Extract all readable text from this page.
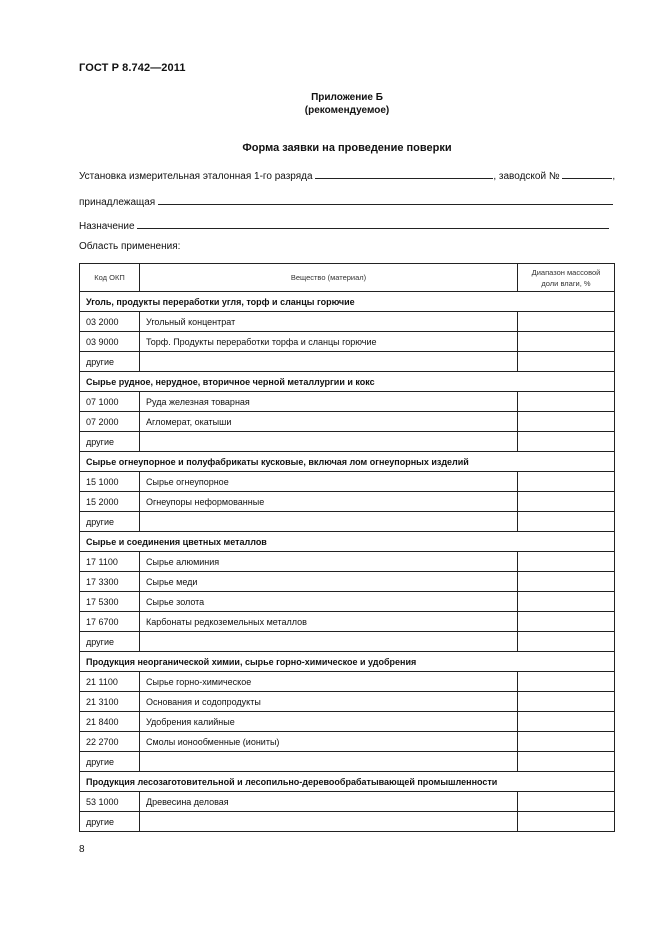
ГОСТ Р 8.742—2011
Приложение Б
(рекомендуемое)
Форма заявки на проведение поверки
Установка измерительная эталонная 1-го разряда	, заводской №	,
принадлежащая
Назначение
Область применения:
Код ОКП	Вещество (материал)	Диапазон массовой доли влаги, %
Уголь, продукты переработки угля, торф и сланцы горючие		
03 2000	Угольный концентрат	
03 9000	Торф. Продукты переработки торфа и сланцы горючие	
другие		
Сырье рудное, нерудное, вторичное черной металлургии и кокс		
07 1000	Руда железная товарная	
07 2000	Агломерат, окатыши	
другие		
Сырье огнеупорное и полуфабрикаты кусковые, включая лом огнеупорных изделий		
15 1000	Сырье огнеупорное	
15 2000	Огнеупоры неформованные	
другие		
Сырье и соединения цветных металлов		
17 1100	Сырье алюминия	
17 3300	Сырье меди	
17 5300	Сырье золота	
17 6700	Карбонаты редкоземельных металлов	
другие		
Продукция неорганической химии, сырье горно-химическое и удобрения		
21 1100	Сырье горно-химическое	
21 3100	Основания и содопродукты	
21 8400	Удобрения калийные	
22 2700	Смолы ионообменные (иониты)	
другие		
Продукция лесозаготовительной и лесопильно-деревообрабатывающей промышленности		
53 1000	Древесина деловая	
другие		
8
